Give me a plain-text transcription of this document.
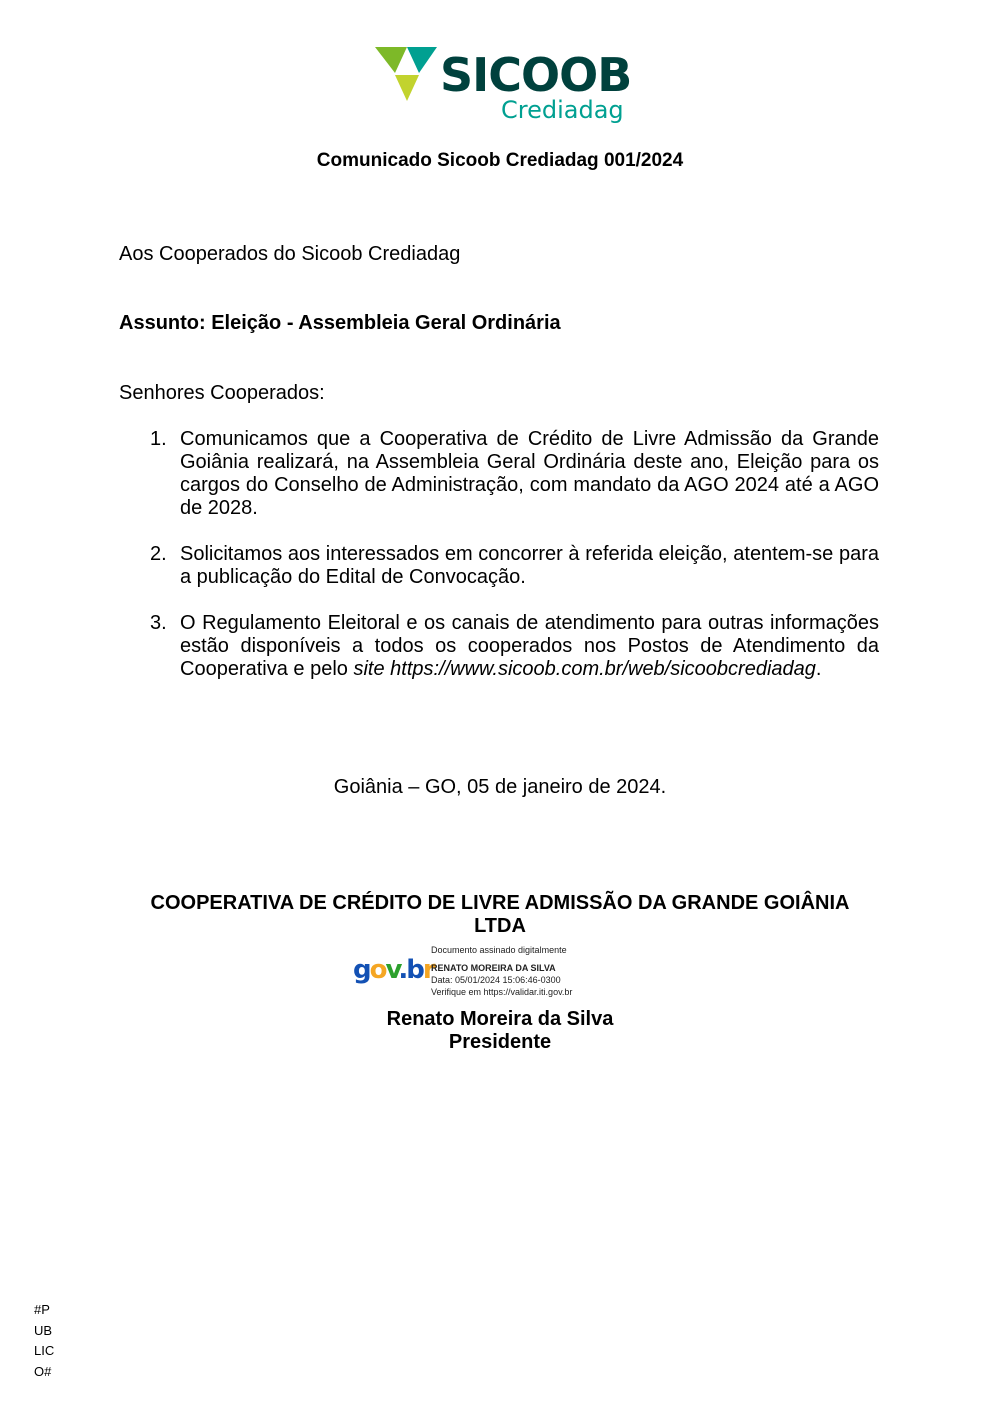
SICOOB
Crediadag
Comunicado Sicoob Crediadag 001/2024
Aos Cooperados do Sicoob Crediadag
Assunto: Eleição - Assembleia Geral Ordinária
Senhores Cooperados:
1. Comunicamos que a Cooperativa de Crédito de Livre Admissão da Grande Goiânia realizará, na Assembleia Geral Ordinária deste ano, Eleição para os cargos do Conselho de Administração, com mandato da AGO 2024 até a AGO de 2028.
2. Solicitamos aos interessados em concorrer à referida eleição, atentem-se para a publicação do Edital de Convocação.
3. O Regulamento Eleitoral e os canais de atendimento para outras informações estão disponíveis a todos os cooperados nos Postos de Atendimento da Cooperativa e pelo site https://www.sicoob.com.br/web/sicoobcrediadag.
Goiânia – GO, 05 de janeiro de 2024.
COOPERATIVA DE CRÉDITO DE LIVRE ADMISSÃO DA GRANDE GOIÂNIA LTDA
gov.br
Documento assinado digitalmente
RENATO MOREIRA DA SILVA
Data: 05/01/2024 15:06:46-0300
Verifique em https://validar.iti.gov.br
Renato Moreira da Silva
Presidente
#P
UB
LIC
O#
